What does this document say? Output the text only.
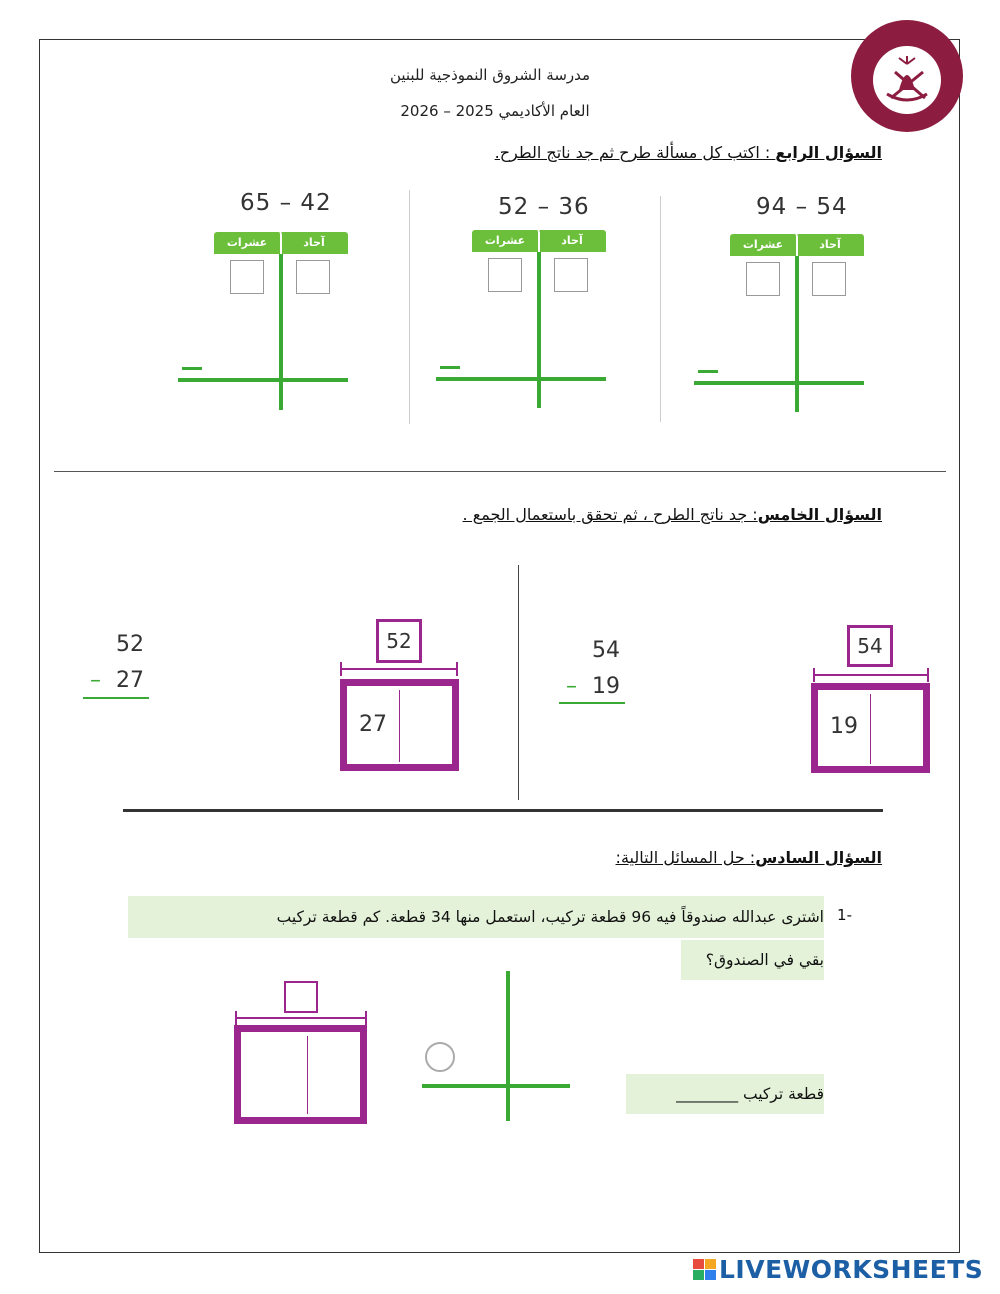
مدرسة الشروق النموذجية للبنين
العام الأكاديمي 2025 – 2026
السؤال الرابع : اكتب كل مسألة طرح ثم جد ناتج الطرح.
94 – 54
آحاد
عشرات
52 – 36
آحاد
عشرات
65 – 42
آحاد
عشرات
السؤال الخامس: جد ناتج الطرح ، ثم تحقق باستعمال الجمع .
54
– 19
54
19
52
– 27
52
27
السؤال السادس: حل المسائل التالية:
-1
اشترى عبدالله صندوقاً فيه 96 قطعة تركيب، استعمل منها 34 قطعة. كم قطعة تركيب
بقي في الصندوق؟
قطعة تركيب ________
LIVEWORKSHEETS
